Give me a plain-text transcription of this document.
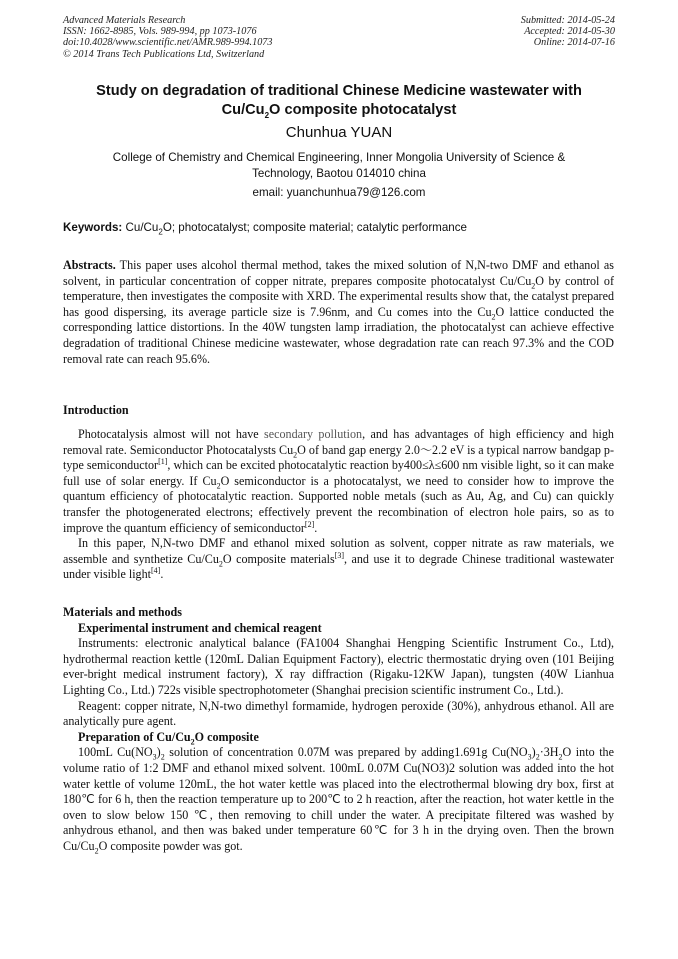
Advanced Materials Research
ISSN: 1662-8985, Vols. 989-994, pp 1073-1076
doi:10.4028/www.scientific.net/AMR.989-994.1073
© 2014 Trans Tech Publications Ltd, Switzerland
Submitted: 2014-05-24
Accepted: 2014-05-30
Online: 2014-07-16
Study on degradation of traditional Chinese Medicine wastewater with
$Cu/Cu_2O$ composite photocatalyst
Chunhua YUAN
College of Chemistry and Chemical Engineering, Inner Mongolia University of Science &
Technology, Baotou 014010 china
email: yuanchunhua79@126.com
Keywords: $Cu/Cu_2O$; photocatalyst; composite material; catalytic performance

Abstracts. This paper uses alcohol thermal method, takes the mixed solution of N,N-two DMF and ethanol as solvent, in particular concentration of copper nitrate, prepares composite photocatalyst $Cu/Cu_2O$ by control of temperature, then investigates the composite with XRD. The experimental results show that, the catalyst prepared has good dispersing, its average particle size is 7.96nm, and Cu comes into the $Cu_2O$ lattice conducted the corresponding lattice distortions. In the 40W tungsten lamp irradiation, the photocatalyst can achieve effective degradation of traditional Chinese medicine wastewater, whose degradation rate can reach 97.3% and the COD removal rate can reach 95.6%.

Introduction

Photocatalysis almost will not have secondary pollution, and has advantages of high efficiency and high removal rate. Semiconductor Photocatalysts $Cu_2O$ of band gap energy 2.0～2.2 eV is a typical narrow bandgap p-type semiconductor[1], which can be excited photocatalytic reaction by400≤λ≤600 nm visible light, so it can make full use of solar energy. If $Cu_2O$ semiconductor is a photocatalyst, we need to consider how to improve the quantum efficiency of photocatalytic reaction. Supported noble metals (such as Au, Ag, and Cu) can quickly transfer the photogenerated electrons; effectively prevent the recombination of electron hole pairs, so as to improve the quantum efficiency of semiconductor[2].

In this paper, N,N-two DMF and ethanol mixed solution as solvent, copper nitrate as raw materials, we assemble and synthetize $Cu/Cu_2O$ composite materials[3], and use it to degrade Chinese traditional wastewater under visible light[4].

Materials and methods

Experimental instrument and chemical reagent

Instruments: electronic analytical balance (FA1004 Shanghai Hengping Scientific Instrument Co., Ltd), hydrothermal reaction kettle (120mL Dalian Equipment Factory), electric thermostatic drying oven (101 Beijing ever-bright medical instrument factory), X ray diffraction (Rigaku-12KW Japan), tungsten (40W Lianhua Lighting Co., Ltd.) 722s visible spectrophotometer (Shanghai precision scientific instrument Co., Ltd.).

Reagent: copper nitrate, N,N-two dimethyl formamide, hydrogen peroxide (30%), anhydrous ethanol. All are analytically pure agent.

Preparation of $Cu/Cu_2O$ composite

100mL $Cu(NO_3)_2$ solution of concentration 0.07M was prepared by adding1.691g $Cu(NO_3)_2\cdot 3H_2O$ into the volume ratio of 1:2 DMF and ethanol mixed solvent. 100mL 0.07M Cu(NO3)2 solution was added into the hot water kettle of volume 120mL, the hot water kettle was placed into the electrothermal blowing dry box, first at 180℃ for 6 h, then the reaction temperature up to 200℃ to 2 h reaction, after the reaction, hot water kettle in the oven to slow below 150 ℃, then removing to chill under the water. A precipitate filtered was washed by anhydrous ethanol, and then was baked under temperature 60℃ for 3 h in the drying oven. Then the brown $Cu/Cu_2O$ composite powder was got.
